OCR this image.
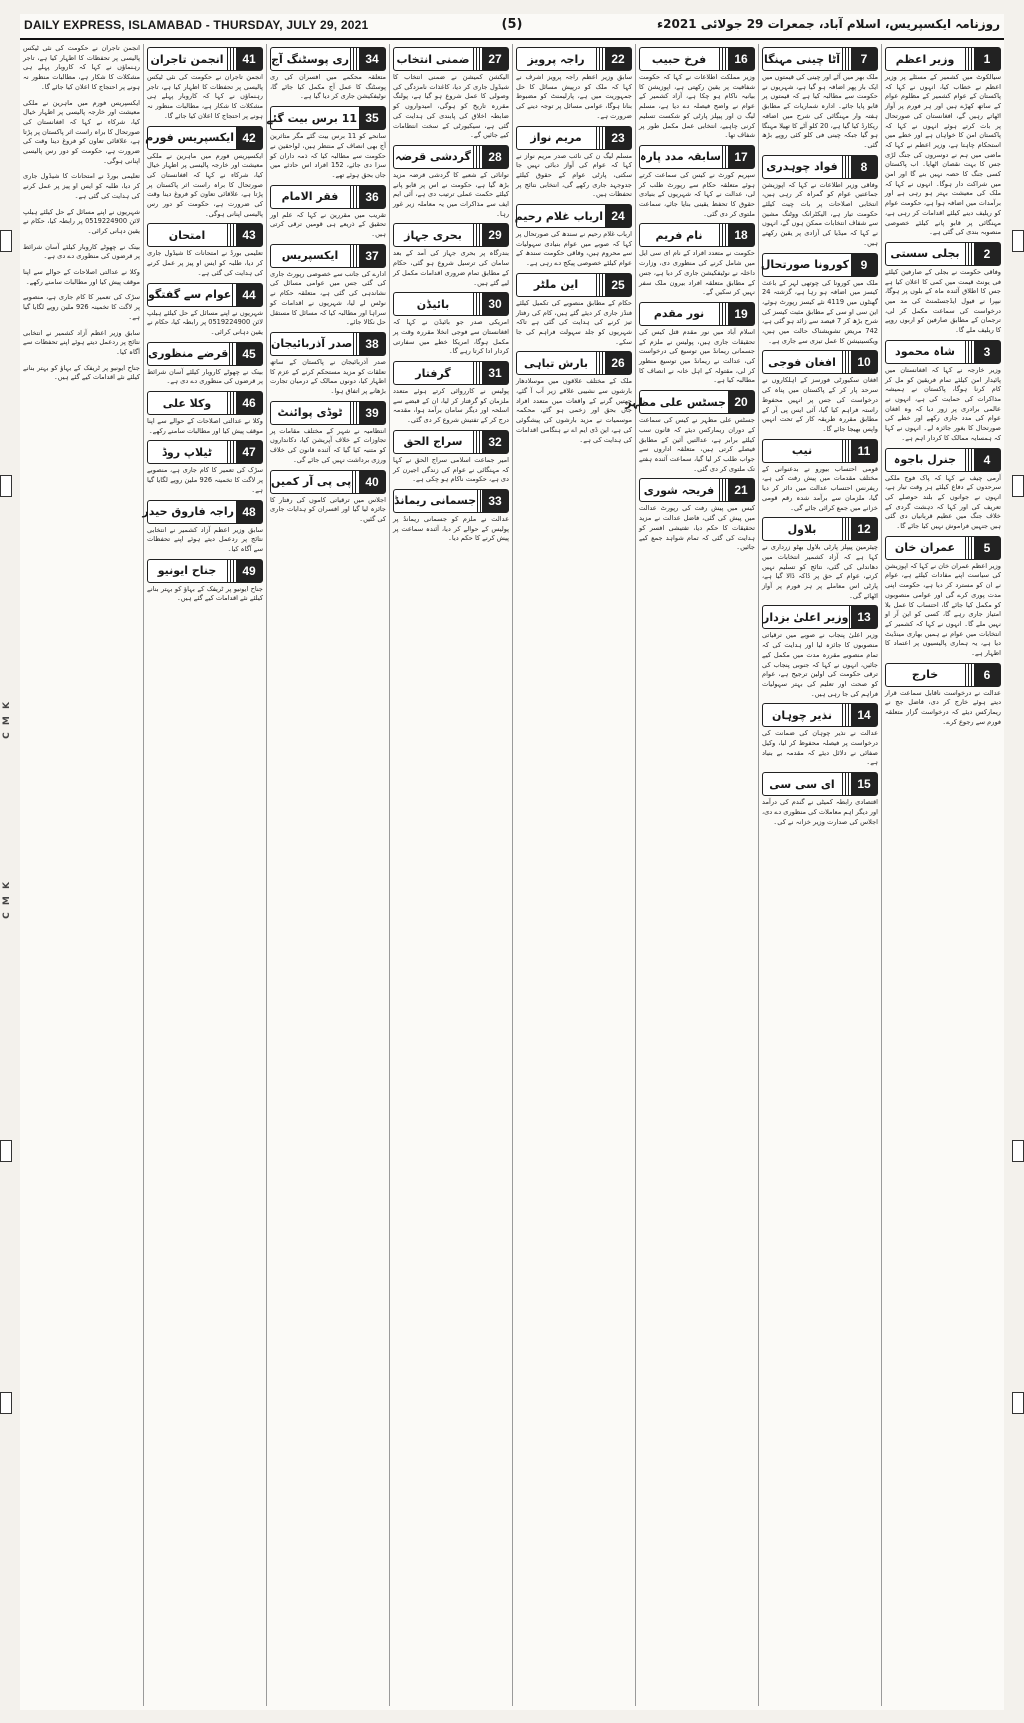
C M K
C M K
DAILY EXPRESS, ISLAMABAD - THURSDAY, JULY 29, 2021	(5)	روزنامہ ایکسپریس، اسلام آباد، جمعرات 29 جولائی 2021ء
1
وزیر اعظم
سیالکوٹ میں کشمیر کے مسئلے پر وزیر اعظم نے خطاب کیا، انہوں نے کہا کہ پاکستان کے عوام کشمیر کے مظلوم عوام کے ساتھ کھڑے ہیں اور ہر فورم پر آواز اٹھاتے رہیں گے، افغانستان کی صورتحال پر بات کرتے ہوئے انہوں نے کہا کہ پاکستان امن کا خواہاں ہے اور خطے میں استحکام چاہتا ہے، وزیر اعظم نے کہا کہ ماضی میں ہم نے دوسروں کی جنگ لڑی جس کا بہت نقصان اٹھایا۔ اب پاکستان کسی جنگ کا حصہ نہیں بنے گا اور امن میں شراکت دار ہوگا۔ انہوں نے کہا کہ ملک کی معیشت بہتر ہو رہی ہے اور برآمدات میں اضافہ ہوا ہے، حکومت عوام کو ریلیف دینے کیلئے اقدامات کر رہی ہے، مہنگائی پر قابو پانے کیلئے خصوصی منصوبہ بندی کی گئی ہے۔
2
بجلی سستی
وفاقی حکومت نے بجلی کے صارفین کیلئے فی یونٹ قیمت میں کمی کا اعلان کیا ہے جس کا اطلاق آئندہ ماہ کے بلوں پر ہوگا، نیپرا نے فیول ایڈجسٹمنٹ کی مد میں درخواست کی سماعت مکمل کر لی، ترجمان کے مطابق صارفین کو اربوں روپے کا ریلیف ملے گا۔
3
شاہ محمود
وزیر خارجہ نے کہا کہ افغانستان میں پائیدار امن کیلئے تمام فریقین کو مل کر کام کرنا ہوگا، پاکستان نے ہمیشہ مذاکرات کی حمایت کی ہے، انہوں نے عالمی برادری پر زور دیا کہ وہ افغان عوام کی مدد جاری رکھے اور خطے کی صورتحال کا بغور جائزہ لے۔ انہوں نے کہا کہ ہمسایہ ممالک کا کردار اہم ہے۔
4
جنرل باجوہ
آرمی چیف نے کہا کہ پاک فوج ملکی سرحدوں کے دفاع کیلئے ہر وقت تیار ہے، انہوں نے جوانوں کے بلند حوصلے کی تعریف کی اور کہا کہ دہشت گردی کے خلاف جنگ میں عظیم قربانیاں دی گئی ہیں جنہیں فراموش نہیں کیا جائے گا۔
5
عمران خان
وزیر اعظم عمران خان نے کہا کہ اپوزیشن کی سیاست اپنے مفادات کیلئے ہے، عوام نے ان کو مسترد کر دیا ہے، حکومت اپنی مدت پوری کرے گی اور عوامی منصوبوں کو مکمل کیا جائے گا، احتساب کا عمل بلا امتیاز جاری رہے گا، کسی کو این آر او نہیں ملے گا۔ انہوں نے کہا کہ کشمیر کے انتخابات میں عوام نے ہمیں بھاری مینڈیٹ دیا ہے، یہ ہماری پالیسیوں پر اعتماد کا اظہار ہے۔
6
خارج
عدالت نے درخواست ناقابل سماعت قرار دیتے ہوئے خارج کر دی، فاضل جج نے ریمارکس دیئے کہ درخواست گزار متعلقہ فورم سے رجوع کرے۔
7
آٹا چینی مہنگا
ملک بھر میں آٹے اور چینی کی قیمتوں میں ایک بار پھر اضافہ ہو گیا ہے، شہریوں نے حکومت سے مطالبہ کیا ہے کہ قیمتوں پر قابو پایا جائے۔ ادارہ شماریات کے مطابق ہفتہ وار مہنگائی کی شرح میں اضافہ ریکارڈ کیا گیا ہے، 20 کلو آٹے کا تھیلا مہنگا ہو گیا جبکہ چینی فی کلو کئی روپے بڑھ گئی۔
8
فواد چوہدری
وفاقی وزیر اطلاعات نے کہا کہ اپوزیشن جماعتیں عوام کو گمراہ کر رہی ہیں، انتخابی اصلاحات پر بات چیت کیلئے حکومت تیار ہے، الیکٹرانک ووٹنگ مشین سے شفاف انتخابات ممکن ہوں گے، انہوں نے کہا کہ میڈیا کی آزادی پر یقین رکھتے ہیں۔
9
کورونا صورتحال
ملک میں کورونا کی چوتھی لہر کے باعث کیسز میں اضافہ ہو رہا ہے، گزشتہ 24 گھنٹوں میں 4119 نئے کیسز رپورٹ ہوئے، این سی او سی کے مطابق مثبت کیسز کی شرح بڑھ کر 7 فیصد سے زائد ہو گئی ہے، 742 مریض تشویشناک حالت میں ہیں، ویکسینیشن کا عمل تیزی سے جاری ہے۔
10
افغان فوجی
افغان سکیورٹی فورسز کے اہلکاروں نے سرحد پار کر کے پاکستان میں پناہ کی درخواست کی جس پر انہیں محفوظ راستہ فراہم کیا گیا، آئی ایس پی آر کے مطابق مقررہ طریقہ کار کے تحت انہیں واپس بھیجا جائے گا۔
11
نیب
قومی احتساب بیورو نے بدعنوانی کے مختلف مقدمات میں پیش رفت کی ہے، ریفرنس احتساب عدالت میں دائر کر دیا گیا، ملزمان سے برآمد شدہ رقم قومی خزانے میں جمع کرائی جائے گی۔
12
بلاول
چیئرمین پیپلز پارٹی بلاول بھٹو زرداری نے کہا ہے کہ آزاد کشمیر انتخابات میں دھاندلی کی گئی، نتائج کو تسلیم نہیں کرتے، عوام کے حق پر ڈاکہ ڈالا گیا ہے، پارٹی اس معاملے پر ہر فورم پر آواز اٹھائے گی۔
13
وزیر اعلیٰ بزدار
وزیر اعلیٰ پنجاب نے صوبے میں ترقیاتی منصوبوں کا جائزہ لیا اور ہدایت کی کہ تمام منصوبے مقررہ مدت میں مکمل کیے جائیں، انہوں نے کہا کہ جنوبی پنجاب کی ترقی حکومت کی اولین ترجیح ہے، عوام کو صحت اور تعلیم کی بہتر سہولیات فراہم کی جا رہی ہیں۔
14
نذیر چوہان
عدالت نے نذیر چوہان کی ضمانت کی درخواست پر فیصلہ محفوظ کر لیا، وکیل صفائی نے دلائل دیئے کہ مقدمہ بے بنیاد ہے۔
15
ای سی سی
اقتصادی رابطہ کمیٹی نے گندم کی درآمد اور دیگر اہم معاملات کی منظوری دے دی، اجلاس کی صدارت وزیر خزانہ نے کی۔
16
فرخ حبیب
وزیر مملکت اطلاعات نے کہا کہ حکومت شفافیت پر یقین رکھتی ہے، اپوزیشن کا بیانیہ ناکام ہو چکا ہے، آزاد کشمیر کے عوام نے واضح فیصلہ دے دیا ہے، مسلم لیگ ن اور پیپلز پارٹی کو شکست تسلیم کرنی چاہیے، انتخابی عمل مکمل طور پر شفاف تھا۔
17
سابقہ مدد پارہ
سپریم کورٹ نے کیس کی سماعت کرتے ہوئے متعلقہ حکام سے رپورٹ طلب کر لی، عدالت نے کہا کہ شہریوں کے بنیادی حقوق کا تحفظ یقینی بنایا جائے، سماعت ملتوی کر دی گئی۔
18
نام فریم
حکومت نے متعدد افراد کے نام ای سی ایل میں شامل کرنے کی منظوری دی، وزارت داخلہ نے نوٹیفکیشن جاری کر دیا ہے، جس کے مطابق متعلقہ افراد بیرون ملک سفر نہیں کر سکیں گے۔
19
نور مقدم
اسلام آباد میں نور مقدم قتل کیس کی تحقیقات جاری ہیں، پولیس نے ملزم کے جسمانی ریمانڈ میں توسیع کی درخواست کی، عدالت نے ریمانڈ میں توسیع منظور کر لی، مقتولہ کے اہل خانہ نے انصاف کا مطالبہ کیا ہے۔
20
جسٹس علی مظہر
جسٹس علی مظہر نے کیس کی سماعت کے دوران ریمارکس دیئے کہ قانون سب کیلئے برابر ہے، عدالتیں آئین کے مطابق فیصلے کرتی ہیں، متعلقہ اداروں سے جواب طلب کر لیا گیا، سماعت آئندہ ہفتے تک ملتوی کر دی گئی۔
21
فریحہ شوری
کیس میں پیش رفت کی رپورٹ عدالت میں پیش کی گئی، فاضل عدالت نے مزید تحقیقات کا حکم دیا، تفتیشی افسر کو ہدایت کی گئی کہ تمام شواہد جمع کیے جائیں۔
22
راجہ پرویز
سابق وزیر اعظم راجہ پرویز اشرف نے کہا کہ ملک کو درپیش مسائل کا حل جمہوریت میں ہے، پارلیمنٹ کو مضبوط بنانا ہوگا، عوامی مسائل پر توجہ دینے کی ضرورت ہے۔
23
مریم نواز
مسلم لیگ ن کی نائب صدر مریم نواز نے کہا کہ عوام کی آواز دبائی نہیں جا سکتی، پارٹی عوام کے حقوق کیلئے جدوجہد جاری رکھے گی، انتخابی نتائج پر تحفظات ہیں۔
24
ارباب غلام رحیم
ارباب غلام رحیم نے سندھ کی صورتحال پر کہا کہ صوبے میں عوام بنیادی سہولیات سے محروم ہیں، وفاقی حکومت سندھ کے عوام کیلئے خصوصی پیکج دے رہی ہے۔
25
این ملٹر
حکام کے مطابق منصوبے کی تکمیل کیلئے فنڈز جاری کر دیئے گئے ہیں، کام کی رفتار تیز کرنے کی ہدایت کی گئی ہے تاکہ شہریوں کو جلد سہولت فراہم کی جا سکے۔
26
بارش تباہی
ملک کے مختلف علاقوں میں موسلادھار بارشوں سے نشیبی علاقے زیر آب آ گئے، چھتیں گرنے کے واقعات میں متعدد افراد جاں بحق اور زخمی ہو گئے، محکمہ موسمیات نے مزید بارشوں کی پیشگوئی کی ہے، این ڈی ایم اے نے ہنگامی اقدامات کی ہدایت کی ہے۔
27
ضمنی انتخاب
الیکشن کمیشن نے ضمنی انتخاب کا شیڈول جاری کر دیا، کاغذات نامزدگی کی وصولی کا عمل شروع ہو گیا ہے، پولنگ مقررہ تاریخ کو ہوگی، امیدواروں کو ضابطہ اخلاق کی پابندی کی ہدایت کی گئی ہے، سیکیورٹی کے سخت انتظامات کیے جائیں گے۔
28
گردشی قرضہ
توانائی کے شعبے کا گردشی قرضہ مزید بڑھ گیا ہے، حکومت نے اس پر قابو پانے کیلئے حکمت عملی ترتیب دی ہے، آئی ایم ایف سے مذاکرات میں یہ معاملہ زیر غور رہا۔
29
بحری جہاز
بندرگاہ پر بحری جہاز کی آمد کے بعد سامان کی ترسیل شروع ہو گئی، حکام کے مطابق تمام ضروری اقدامات مکمل کر لیے گئے ہیں۔
30
بائیڈن
امریکی صدر جو بائیڈن نے کہا کہ افغانستان سے فوجی انخلا مقررہ وقت پر مکمل ہوگا، امریکا خطے میں سفارتی کردار ادا کرتا رہے گا۔
31
گرفتار
پولیس نے کارروائی کرتے ہوئے متعدد ملزمان کو گرفتار کر لیا، ان کے قبضے سے اسلحہ اور دیگر سامان برآمد ہوا، مقدمہ درج کر کے تفتیش شروع کر دی گئی۔
32
سراج الحق
امیر جماعت اسلامی سراج الحق نے کہا کہ مہنگائی نے عوام کی زندگی اجیرن کر دی ہے، حکومت ناکام ہو چکی ہے۔
33
جسمانی ریمانڈ
عدالت نے ملزم کو جسمانی ریمانڈ پر پولیس کے حوالے کر دیا، آئندہ سماعت پر پیش کرنے کا حکم دیا۔
34
ری پوسٹنگ آج
متعلقہ محکمے میں افسران کی ری پوسٹنگ کا عمل آج مکمل کیا جائے گا، نوٹیفکیشن جاری کر دیا گیا ہے۔
35
11 برس بیت گئے
سانحے کو 11 برس بیت گئے مگر متاثرین آج بھی انصاف کے منتظر ہیں، لواحقین نے حکومت سے مطالبہ کیا کہ ذمہ داران کو سزا دی جائے، 152 افراد اس حادثے میں جاں بحق ہوئے تھے۔
36
فقر الامام
تقریب میں مقررین نے کہا کہ علم اور تحقیق کے ذریعے ہی قومیں ترقی کرتی ہیں۔
37
ایکسپریس
ادارے کی جانب سے خصوصی رپورٹ جاری کی گئی جس میں عوامی مسائل کی نشاندہی کی گئی ہے، متعلقہ حکام نے نوٹس لے لیا، شہریوں نے اقدامات کو سراہا اور مطالبہ کیا کہ مسائل کا مستقل حل نکالا جائے۔
38
صدر آذربائیجان
صدر آذربائیجان نے پاکستان کے ساتھ تعلقات کو مزید مستحکم کرنے کے عزم کا اظہار کیا، دونوں ممالک کے درمیان تجارت بڑھانے پر اتفاق ہوا۔
39
ٹوڈی پوائنٹ
انتظامیہ نے شہر کے مختلف مقامات پر تجاوزات کے خلاف آپریشن کیا، دکانداروں کو متنبہ کیا گیا کہ آئندہ قانون کی خلاف ورزی برداشت نہیں کی جائے گی۔
40
پی پی آر کمیں
اجلاس میں ترقیاتی کاموں کی رفتار کا جائزہ لیا گیا اور افسران کو ہدایات جاری کی گئیں۔
41
انجمن تاجران
انجمن تاجران نے حکومت کی نئی ٹیکس پالیسی پر تحفظات کا اظہار کیا ہے، تاجر رہنماؤں نے کہا کہ کاروبار پہلے ہی مشکلات کا شکار ہے، مطالبات منظور نہ ہونے پر احتجاج کا اعلان کیا جائے گا۔
42
ایکسپریس فورم
ایکسپریس فورم میں ماہرین نے ملکی معیشت اور خارجہ پالیسی پر اظہار خیال کیا، شرکاء نے کہا کہ افغانستان کی صورتحال کا براہ راست اثر پاکستان پر پڑتا ہے، علاقائی تعاون کو فروغ دینا وقت کی ضرورت ہے، حکومت کو دور رس پالیسی اپنانی ہوگی۔
43
امتحان
تعلیمی بورڈ نے امتحانات کا شیڈول جاری کر دیا، طلبہ کو ایس او پیز پر عمل کرنے کی ہدایت کی گئی ہے۔
44
عوام سے گفتگو
شہریوں نے اپنے مسائل کے حل کیلئے ہیلپ لائن 0519224900 پر رابطہ کیا، حکام نے یقین دہانی کرائی۔
45
قرضے منظوری
بینک نے چھوٹے کاروبار کیلئے آسان شرائط پر قرضوں کی منظوری دے دی ہے۔
46
وکلا علی
وکلا نے عدالتی اصلاحات کے حوالے سے اپنا موقف پیش کیا اور مطالبات سامنے رکھے۔
47
ٹیلاپ روڈ
سڑک کی تعمیر کا کام جاری ہے، منصوبے پر لاگت کا تخمینہ 926 ملین روپے لگایا گیا ہے۔
48
راجہ فاروق حیدر
سابق وزیر اعظم آزاد کشمیر نے انتخابی نتائج پر ردعمل دیتے ہوئے اپنے تحفظات سے آگاہ کیا۔
49
جناح ایونیو
جناح ایونیو پر ٹریفک کے بہاؤ کو بہتر بنانے کیلئے نئے اقدامات کیے گئے ہیں۔
انجمن تاجران نے حکومت کی نئی ٹیکس پالیسی پر تحفظات کا اظہار کیا ہے، تاجر رہنماؤں نے کہا کہ کاروبار پہلے ہی مشکلات کا شکار ہے، مطالبات منظور نہ ہونے پر احتجاج کا اعلان کیا جائے گا۔
ایکسپریس فورم میں ماہرین نے ملکی معیشت اور خارجہ پالیسی پر اظہار خیال کیا، شرکاء نے کہا کہ افغانستان کی صورتحال کا براہ راست اثر پاکستان پر پڑتا ہے، علاقائی تعاون کو فروغ دینا وقت کی ضرورت ہے، حکومت کو دور رس پالیسی اپنانی ہوگی۔
تعلیمی بورڈ نے امتحانات کا شیڈول جاری کر دیا، طلبہ کو ایس او پیز پر عمل کرنے کی ہدایت کی گئی ہے۔
شہریوں نے اپنے مسائل کے حل کیلئے ہیلپ لائن 0519224900 پر رابطہ کیا، حکام نے یقین دہانی کرائی۔
بینک نے چھوٹے کاروبار کیلئے آسان شرائط پر قرضوں کی منظوری دے دی ہے۔
وکلا نے عدالتی اصلاحات کے حوالے سے اپنا موقف پیش کیا اور مطالبات سامنے رکھے۔
سڑک کی تعمیر کا کام جاری ہے، منصوبے پر لاگت کا تخمینہ 926 ملین روپے لگایا گیا ہے۔
سابق وزیر اعظم آزاد کشمیر نے انتخابی نتائج پر ردعمل دیتے ہوئے اپنے تحفظات سے آگاہ کیا۔
جناح ایونیو پر ٹریفک کے بہاؤ کو بہتر بنانے کیلئے نئے اقدامات کیے گئے ہیں۔
